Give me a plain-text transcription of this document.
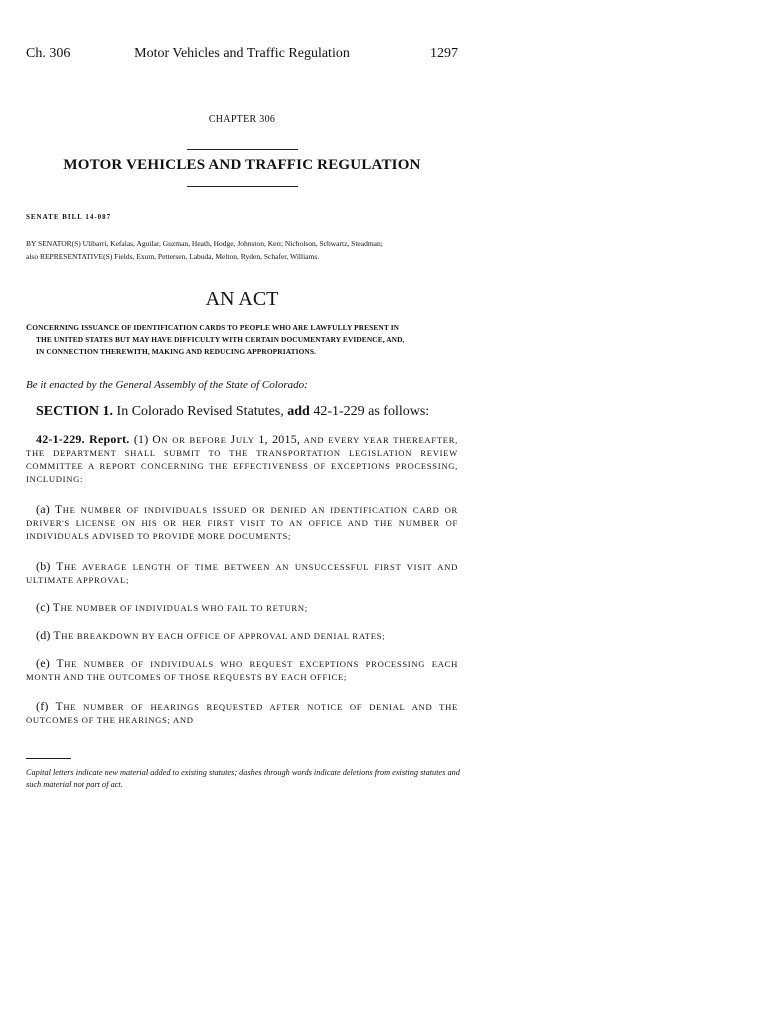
Ch. 306	Motor Vehicles and Traffic Regulation	1297
CHAPTER 306
MOTOR VEHICLES AND TRAFFIC REGULATION
SENATE BILL 14-087
BY SENATOR(S) Ulibarri, Kefalas, Aguilar, Guzman, Heath, Hodge, Johnston, Kerr, Nicholson, Schwartz, Steadman;
also REPRESENTATIVE(S) Fields, Exum, Pettersen, Labuda, Melton, Ryden, Schafer, Williams.
AN ACT
CONCERNING ISSUANCE OF IDENTIFICATION CARDS TO PEOPLE WHO ARE LAWFULLY PRESENT IN
THE UNITED STATES BUT MAY HAVE DIFFICULTY WITH CERTAIN DOCUMENTARY EVIDENCE, AND,
IN CONNECTION THEREWITH, MAKING AND REDUCING APPROPRIATIONS.
Be it enacted by the General Assembly of the State of Colorado:
SECTION 1. In Colorado Revised Statutes, add 42-1-229 as follows:
42-1-229. Report. (1) ON OR BEFORE JULY 1, 2015, AND EVERY YEAR THEREAFTER, THE DEPARTMENT SHALL SUBMIT TO THE TRANSPORTATION LEGISLATION REVIEW COMMITTEE A REPORT CONCERNING THE EFFECTIVENESS OF EXCEPTIONS PROCESSING, INCLUDING:
(a) THE NUMBER OF INDIVIDUALS ISSUED OR DENIED AN IDENTIFICATION CARD OR DRIVER'S LICENSE ON HIS OR HER FIRST VISIT TO AN OFFICE AND THE NUMBER OF INDIVIDUALS ADVISED TO PROVIDE MORE DOCUMENTS;
(b) THE AVERAGE LENGTH OF TIME BETWEEN AN UNSUCCESSFUL FIRST VISIT AND ULTIMATE APPROVAL;
(c) THE NUMBER OF INDIVIDUALS WHO FAIL TO RETURN;
(d) THE BREAKDOWN BY EACH OFFICE OF APPROVAL AND DENIAL RATES;
(e) THE NUMBER OF INDIVIDUALS WHO REQUEST EXCEPTIONS PROCESSING EACH MONTH AND THE OUTCOMES OF THOSE REQUESTS BY EACH OFFICE;
(f) THE NUMBER OF HEARINGS REQUESTED AFTER NOTICE OF DENIAL AND THE OUTCOMES OF THE HEARINGS; AND
Capital letters indicate new material added to existing statutes; dashes through words indicate deletions from existing statutes and such material not part of act.
